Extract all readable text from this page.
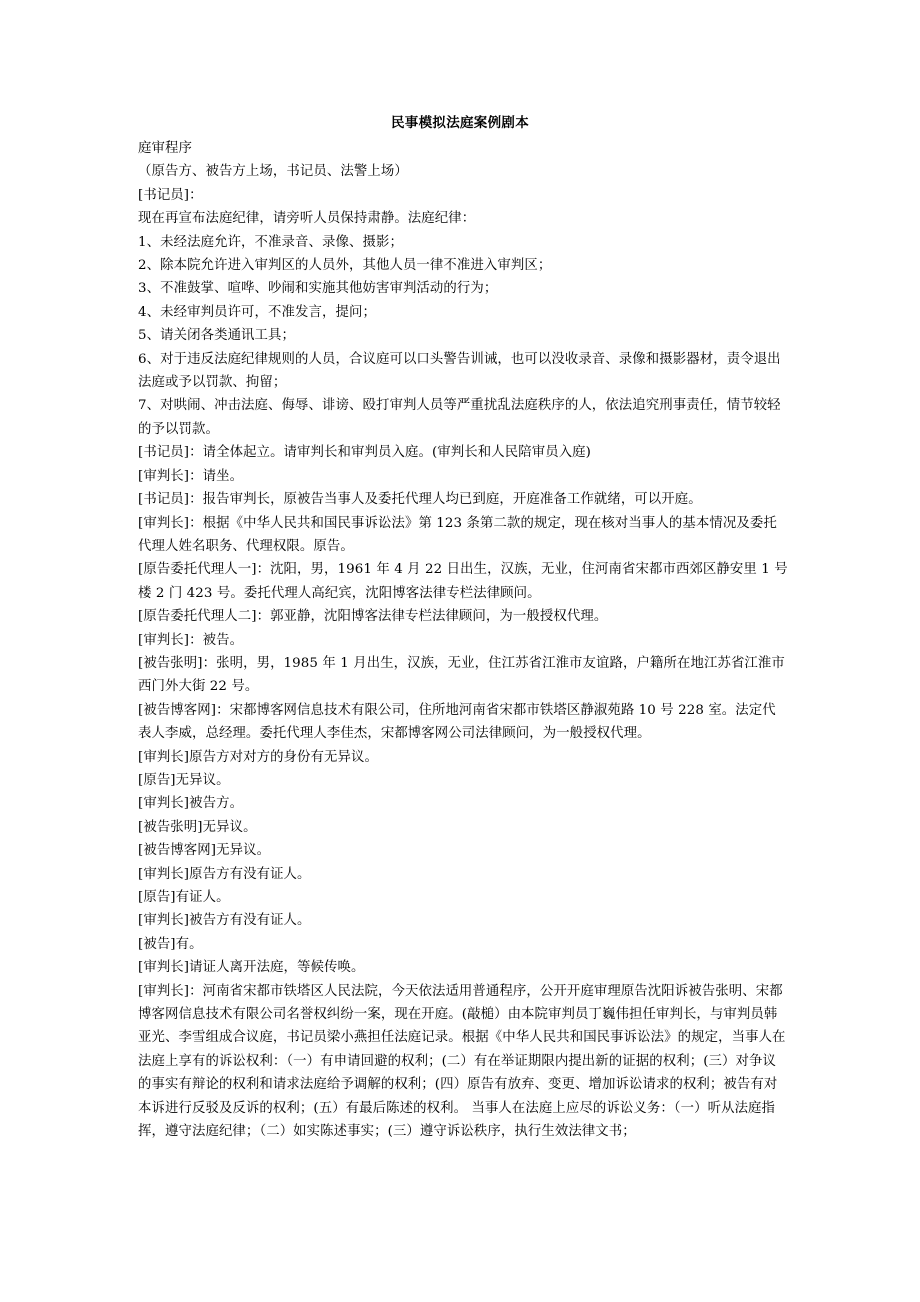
民事模拟法庭案例剧本

庭审程序

（原告方、被告方上场，书记员、法警上场）

[书记员]：

现在再宣布法庭纪律，请旁听人员保持肃静。法庭纪律：

1、未经法庭允许，不准录音、录像、摄影；

2、除本院允许进入审判区的人员外，其他人员一律不准进入审判区；

3、不准鼓掌、喧哗、吵闹和实施其他妨害审判活动的行为；

4、未经审判员许可，不准发言，提问；

5、请关闭各类通讯工具；

6、对于违反法庭纪律规则的人员，合议庭可以口头警告训诫，也可以没收录音、录像和摄影器材，责令退出法庭或予以罚款、拘留；

7、对哄闹、冲击法庭、侮辱、诽谤、殴打审判人员等严重扰乱法庭秩序的人，依法追究刑事责任，情节较轻的予以罚款。

[书记员]：请全体起立。请审判长和审判员入庭。(审判长和人民陪审员入庭)

[审判长]：请坐。

[书记员]：报告审判长，原被告当事人及委托代理人均已到庭，开庭准备工作就绪，可以开庭。

[审判长]：根据《中华人民共和国民事诉讼法》第 123 条第二款的规定，现在核对当事人的基本情况及委托代理人姓名职务、代理权限。原告。

[原告委托代理人一]：沈阳，男，1961 年 4 月 22 日出生，汉族，无业，住河南省宋都市西郊区静安里 1 号楼 2 门 423 号。委托代理人高纪宾，沈阳博客法律专栏法律顾问。

[原告委托代理人二]：郭亚静，沈阳博客法律专栏法律顾问，为一般授权代理。

[审判长]：被告。

[被告张明]：张明，男，1985 年 1 月出生，汉族，无业，住江苏省江淮市友谊路，户籍所在地江苏省江淮市西门外大街 22 号。

[被告博客网]：宋都博客网信息技术有限公司，住所地河南省宋都市铁塔区静淑苑路 10 号 228 室。法定代表人李威，总经理。委托代理人李佳杰，宋都博客网公司法律顾问，为一般授权代理。

[审判长]原告方对对方的身份有无异议。

[原告]无异议。

[审判长]被告方。

[被告张明]无异议。

[被告博客网]无异议。

[审判长]原告方有没有证人。

[原告]有证人。

[审判长]被告方有没有证人。

[被告]有。

[审判长]请证人离开法庭，等候传唤。

[审判长]：河南省宋都市铁塔区人民法院，今天依法适用普通程序，公开开庭审理原告沈阳诉被告张明、宋都博客网信息技术有限公司名誉权纠纷一案，现在开庭。(敲槌）由本院审判员丁巍伟担任审判长，与审判员韩亚光、李雪组成合议庭，书记员梁小燕担任法庭记录。根据《中华人民共和国民事诉讼法》的规定，当事人在法庭上享有的诉讼权利：（一）有申请回避的权利；(二）有在举证期限内提出新的证据的权利；(三）对争议的事实有辩论的权利和请求法庭给予调解的权利；(四）原告有放弃、变更、增加诉讼请求的权利；被告有对本诉进行反驳及反诉的权利；(五）有最后陈述的权利。 当事人在法庭上应尽的诉讼义务：（一）听从法庭指挥，遵守法庭纪律；（二）如实陈述事实；(三）遵守诉讼秩序，执行生效法律文书；
